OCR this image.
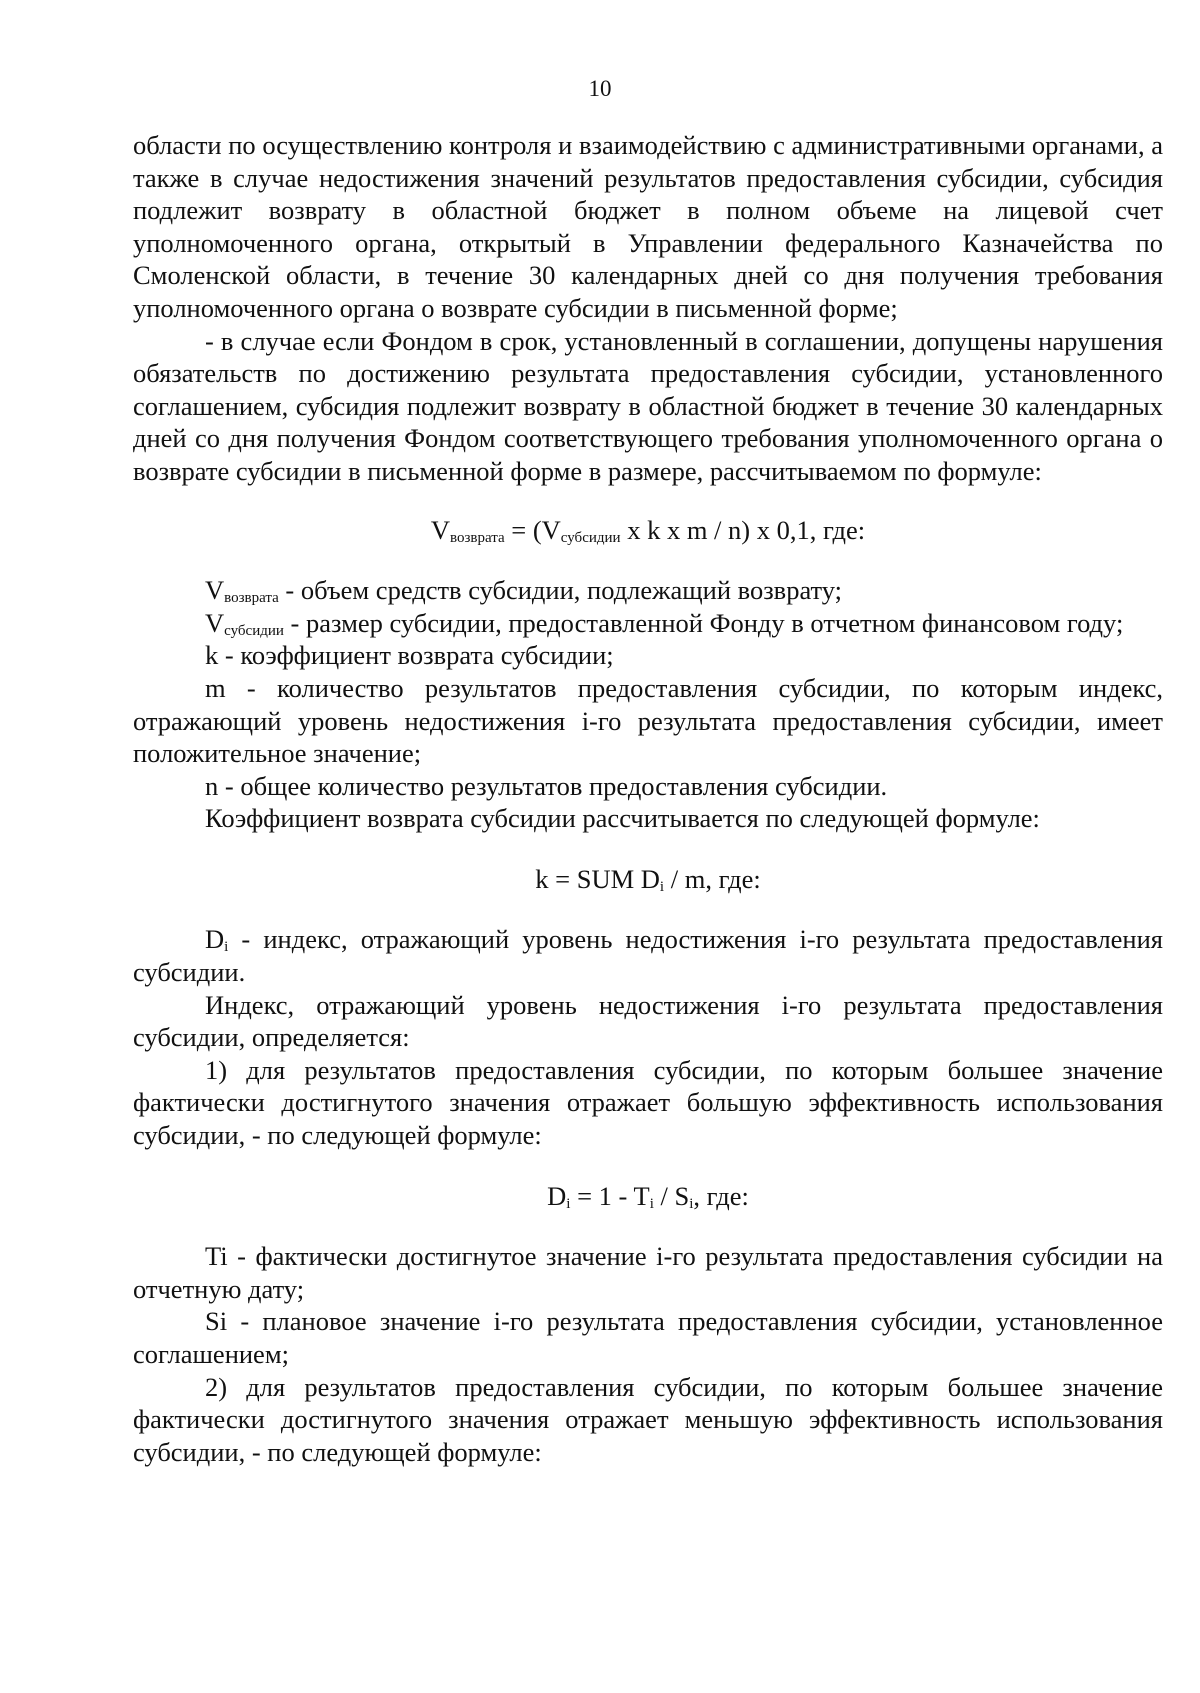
10

области по осуществлению контроля и взаимодействию с административными органами, а также в случае недостижения значений результатов предоставления субсидии, субсидия подлежит возврату в областной бюджет в полном объеме на лицевой счет уполномоченного органа, открытый в Управлении федерального Казначейства по Смоленской области, в течение 30 календарных дней со дня получения требования уполномоченного органа о возврате субсидии в письменной форме;

- в случае если Фондом в срок, установленный в соглашении, допущены нарушения обязательств по достижению результата предоставления субсидии, установленного соглашением, субсидия подлежит возврату в областной бюджет в течение 30 календарных дней со дня получения Фондом соответствующего требования уполномоченного органа о возврате субсидии в письменной форме в размере, рассчитываемом по формуле:

$V_{возврата} = (V_{субсидии}$ x k x m / n) x 0,1, где:

$V_{возврата}$ - объем средств субсидии, подлежащий возврату;

$V_{субсидии}$ - размер субсидии, предоставленной Фонду в отчетном финансовом году;

k - коэффициент возврата субсидии;

m - количество результатов предоставления субсидии, по которым индекс, отражающий уровень недостижения i-го результата предоставления субсидии, имеет положительное значение;

n - общее количество результатов предоставления субсидии.

Коэффициент возврата субсидии рассчитывается по следующей формуле:

k = SUM $D_i$ / m, где:

$D_i$ - индекс, отражающий уровень недостижения i-го результата предоставления субсидии.

Индекс, отражающий уровень недостижения i-го результата предоставления субсидии, определяется:

1) для результатов предоставления субсидии, по которым большее значение фактически достигнутого значения отражает большую эффективность использования субсидии, - по следующей формуле:

$D_i = 1 - T_i / S_i$, где:

Ti - фактически достигнутое значение i-го результата предоставления субсидии на отчетную дату;

Si - плановое значение i-го результата предоставления субсидии, установленное соглашением;

2) для результатов предоставления субсидии, по которым большее значение фактически достигнутого значения отражает меньшую эффективность использования субсидии, - по следующей формуле:
